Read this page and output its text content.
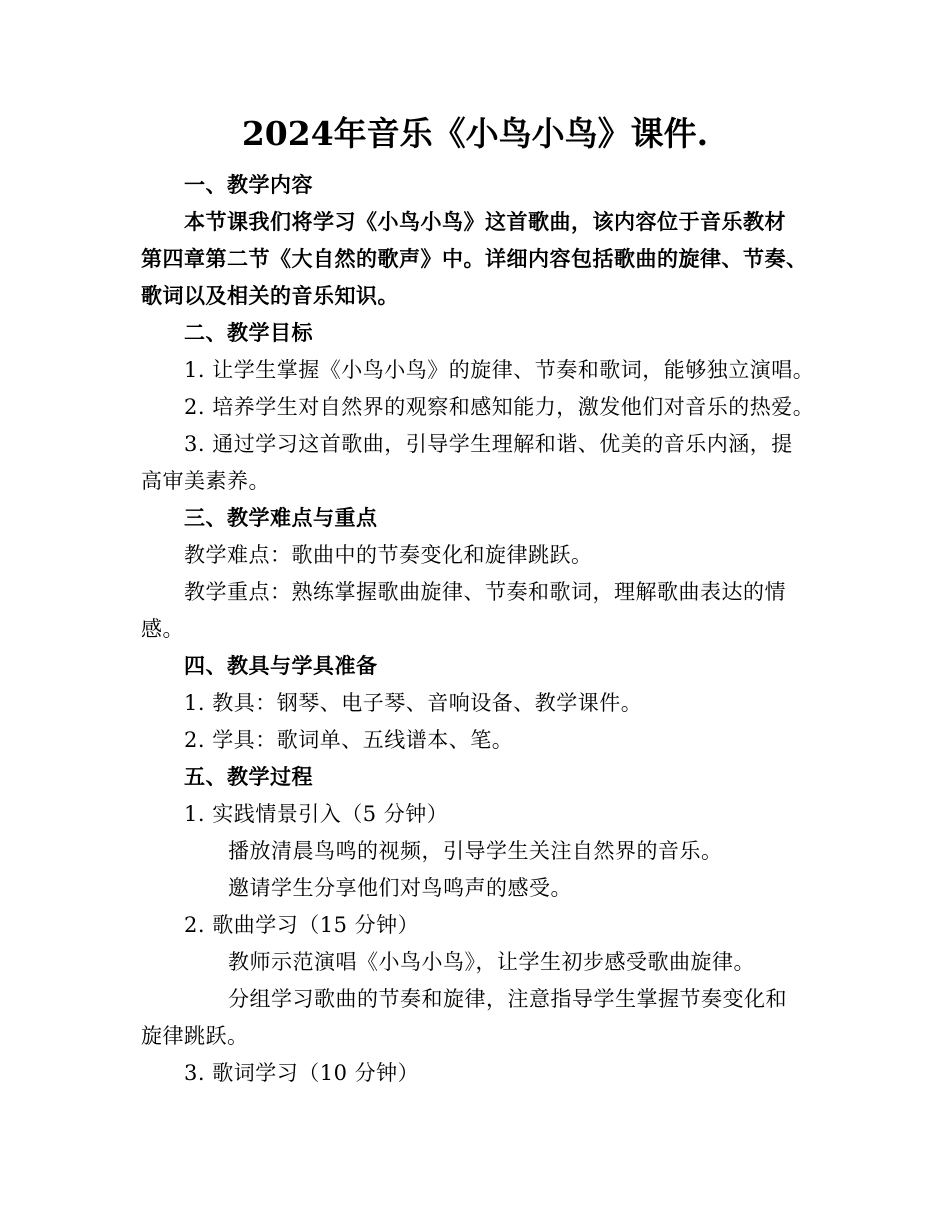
2024年音乐《小鸟小鸟》课件.
一、教学内容
本节课我们将学习《小鸟小鸟》这首歌曲，该内容位于音乐教材
第四章第二节《大自然的歌声》中。详细内容包括歌曲的旋律、节奏、
歌词以及相关的音乐知识。
二、教学目标
1. 让学生掌握《小鸟小鸟》的旋律、节奏和歌词，能够独立演唱。
2. 培养学生对自然界的观察和感知能力，激发他们对音乐的热爱。
3. 通过学习这首歌曲，引导学生理解和谐、优美的音乐内涵，提
高审美素养。
三、教学难点与重点
教学难点：歌曲中的节奏变化和旋律跳跃。
教学重点：熟练掌握歌曲旋律、节奏和歌词，理解歌曲表达的情
感。
四、教具与学具准备
1. 教具：钢琴、电子琴、音响设备、教学课件。
2. 学具：歌词单、五线谱本、笔。
五、教学过程
1. 实践情景引入（5 分钟）
播放清晨鸟鸣的视频，引导学生关注自然界的音乐。
邀请学生分享他们对鸟鸣声的感受。
2. 歌曲学习（15 分钟）
教师示范演唱《小鸟小鸟》，让学生初步感受歌曲旋律。
分组学习歌曲的节奏和旋律，注意指导学生掌握节奏变化和
旋律跳跃。
3. 歌词学习（10 分钟）
